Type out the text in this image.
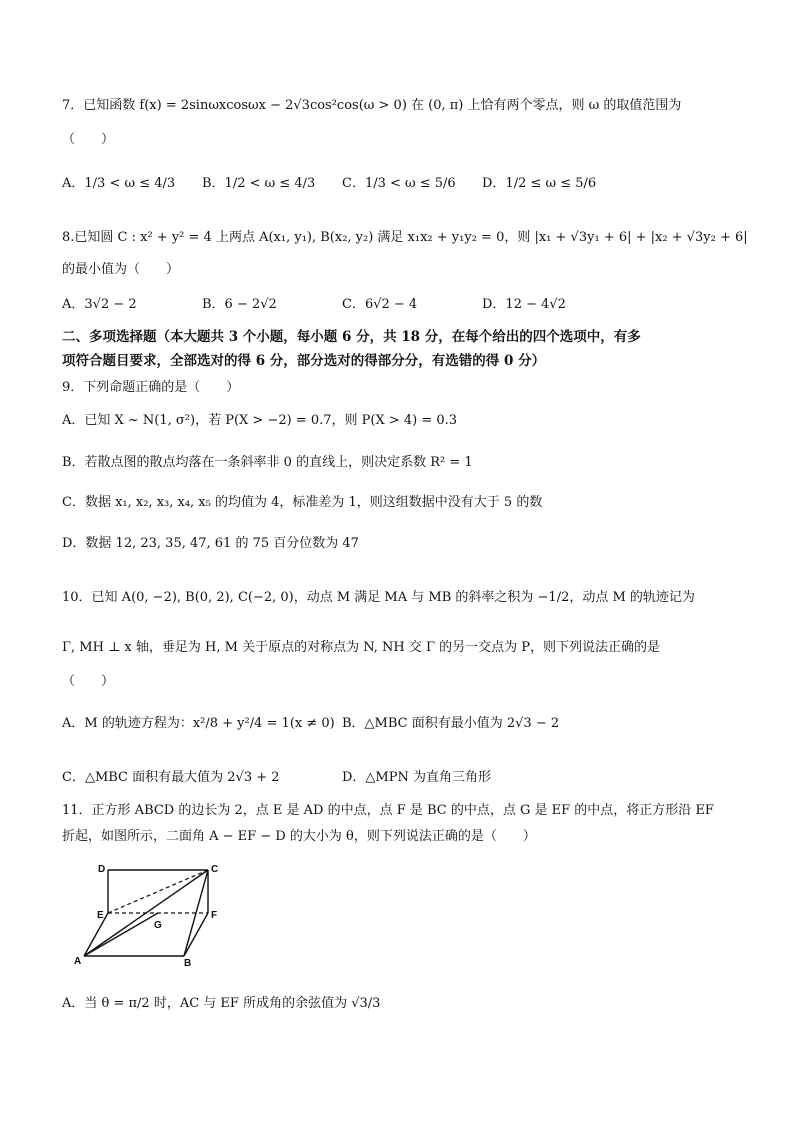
7．已知函数 f(x) = 2sinωxcosωx − 2√3cos²cos(ω > 0) 在 (0, π) 上恰有两个零点，则 ω 的取值范围为
（　　）
A．1/3 < ω ≤ 4/3 B．1/2 < ω ≤ 4/3 C．1/3 < ω ≤ 5/6 D．1/2 ≤ ω ≤ 5/6
8.已知圆 C : x² + y² = 4 上两点 A(x₁, y₁), B(x₂, y₂) 满足 x₁x₂ + y₁y₂ = 0，则 |x₁ + √3y₁ + 6| + |x₂ + √3y₂ + 6|
的最小值为（　　）
A．3√2 − 2	B．6 − 2√2	C．6√2 − 4	D．12 − 4√2
二、多项选择题（本大题共 3 个小题，每小题 6 分，共 18 分，在每个给出的四个选项中，有多
项符合题目要求，全部选对的得 6 分，部分选对的得部分分，有选错的得 0 分）
9．下列命题正确的是（　　）
A．已知 X ~ N(1, σ²)，若 P(X > −2) = 0.7，则 P(X > 4) = 0.3
B．若散点图的散点均落在一条斜率非 0 的直线上，则决定系数 R² = 1
C．数据 x₁, x₂, x₃, x₄, x₅ 的均值为 4，标准差为 1，则这组数据中没有大于 5 的数
D．数据 12, 23, 35, 47, 61 的 75 百分位数为 47
10．已知 A(0, −2), B(0, 2), C(−2, 0)，动点 M 满足 MA 与 MB 的斜率之积为 −1/2，动点 M 的轨迹记为
Γ, MH ⊥ x 轴，垂足为 H, M 关于原点的对称点为 N, NH 交 Γ 的另一交点为 P，则下列说法正确的是
（　　）
A．M 的轨迹方程为：x²/8 + y²/4 = 1(x ≠ 0) B．△MBC 面积有最小值为 2√3 − 2
C．△MBC 面积有最大值为 2√3 + 2	D．△MPN 为直角三角形
11．正方形 ABCD 的边长为 2，点 E 是 AD 的中点，点 F 是 BC 的中点，点 G 是 EF 的中点，将正方形沿 EF
折起，如图所示，二面角 A − EF − D 的大小为 θ，则下列说法正确的是（　　）
D	C
E
G
F
A	B
A．当 θ = π/2 时，AC 与 EF 所成角的余弦值为 √3/3
